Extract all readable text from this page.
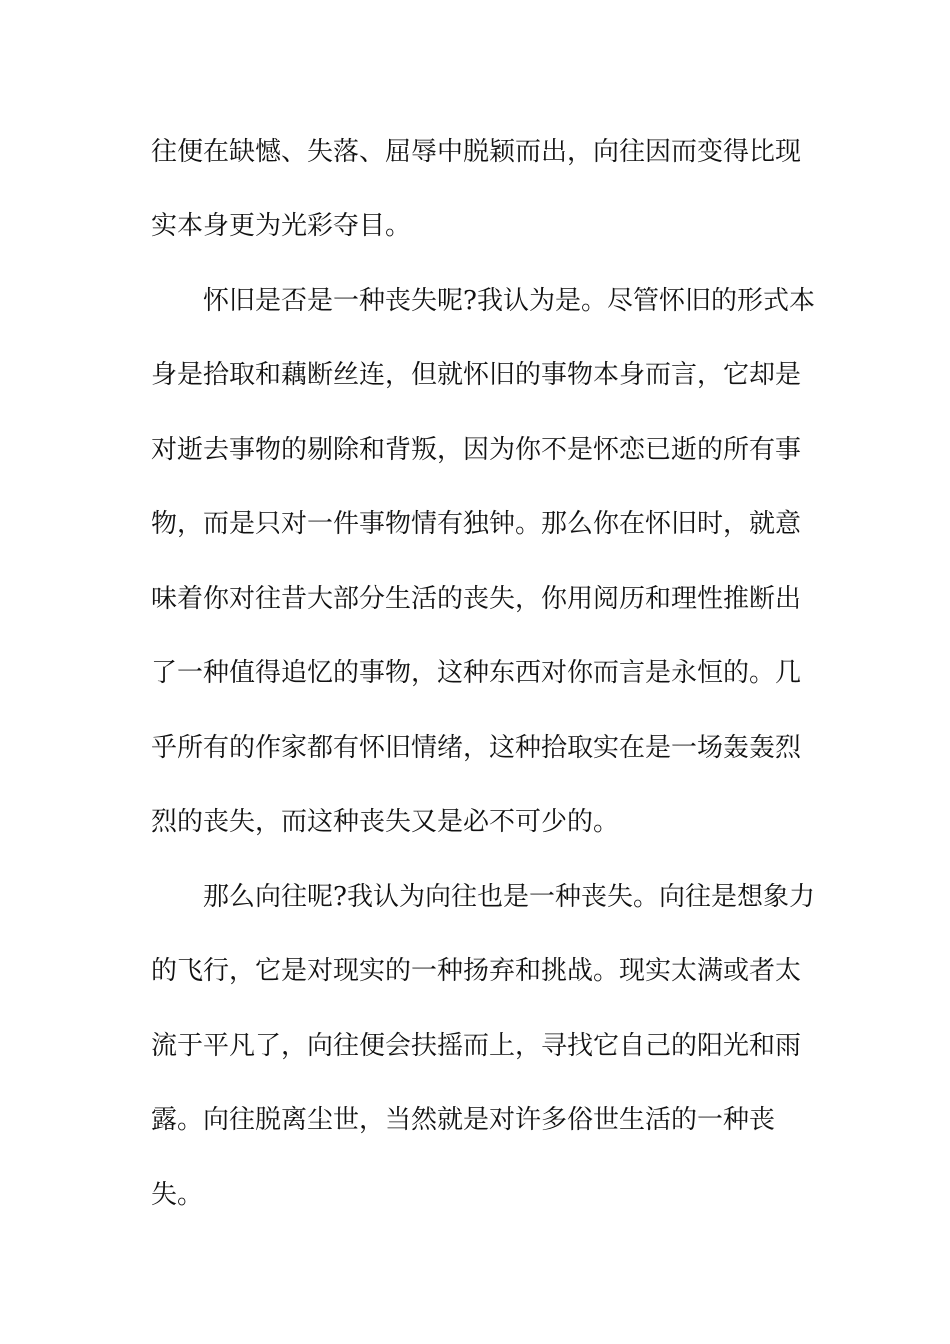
往便在缺憾、失落、屈辱中脱颖而出，向往因而变得比现

实本身更为光彩夺目。

怀旧是否是一种丧失呢?我认为是。尽管怀旧的形式本

身是拾取和藕断丝连，但就怀旧的事物本身而言，它却是

对逝去事物的剔除和背叛，因为你不是怀恋已逝的所有事

物，而是只对一件事物情有独钟。那么你在怀旧时，就意

味着你对往昔大部分生活的丧失，你用阅历和理性推断出

了一种值得追忆的事物，这种东西对你而言是永恒的。几

乎所有的作家都有怀旧情绪，这种拾取实在是一场轰轰烈

烈的丧失，而这种丧失又是必不可少的。

那么向往呢?我认为向往也是一种丧失。向往是想象力

的飞行，它是对现实的一种扬弃和挑战。现实太满或者太

流于平凡了，向往便会扶摇而上，寻找它自己的阳光和雨

露。向往脱离尘世，当然就是对许多俗世生活的一种丧

失。
